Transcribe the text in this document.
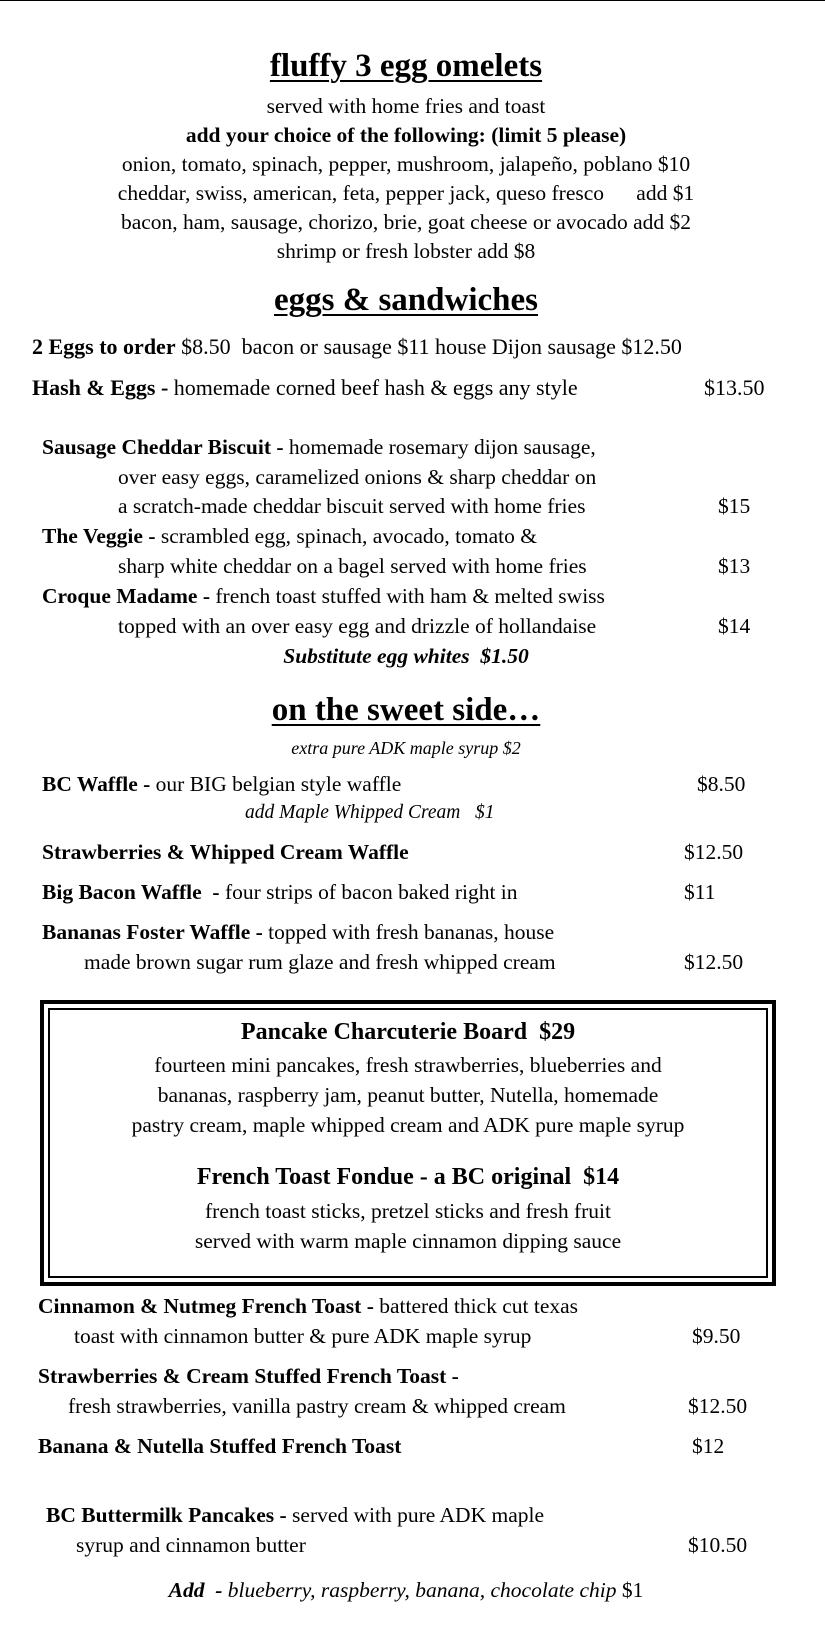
fluffy 3 egg omelets
served with home fries and toast
add your choice of the following: (limit 5 please)
onion, tomato, spinach, pepper, mushroom, jalapeño, poblano $10
cheddar, swiss, american, feta, pepper jack, queso fresco      add $1
bacon, ham, sausage, chorizo, brie, goat cheese or avocado add $2
shrimp or fresh lobster add $8
eggs & sandwiches
2 Eggs to order $8.50  bacon or sausage $11 house Dijon sausage $12.50
Hash & Eggs - homemade corned beef hash & eggs any style	$13.50
Sausage Cheddar Biscuit - homemade rosemary dijon sausage,
over easy eggs, caramelized onions & sharp cheddar on
a scratch-made cheddar biscuit served with home fries	$15
The Veggie - scrambled egg, spinach, avocado, tomato &
sharp white cheddar on a bagel served with home fries	$13
Croque Madame - french toast stuffed with ham & melted swiss
topped with an over easy egg and drizzle of hollandaise	$14
Substitute egg whites  $1.50
on the sweet side…
extra pure ADK maple syrup $2
BC Waffle - our BIG belgian style waffle	$8.50
add Maple Whipped Cream   $1
Strawberries & Whipped Cream Waffle	$12.50
Big Bacon Waffle  - four strips of bacon baked right in	$11
Bananas Foster Waffle - topped with fresh bananas, house
made brown sugar rum glaze and fresh whipped cream	$12.50
Pancake Charcuterie Board  $29
fourteen mini pancakes, fresh strawberries, blueberries and
bananas, raspberry jam, peanut butter, Nutella, homemade
pastry cream, maple whipped cream and ADK pure maple syrup
French Toast Fondue - a BC original  $14
french toast sticks, pretzel sticks and fresh fruit
served with warm maple cinnamon dipping sauce
Cinnamon & Nutmeg French Toast - battered thick cut texas
toast with cinnamon butter & pure ADK maple syrup	$9.50
Strawberries & Cream Stuffed French Toast -
fresh strawberries, vanilla pastry cream & whipped cream	$12.50
Banana & Nutella Stuffed French Toast	$12
BC Buttermilk Pancakes - served with pure ADK maple
syrup and cinnamon butter	$10.50
Add  - blueberry, raspberry, banana, chocolate chip $1
